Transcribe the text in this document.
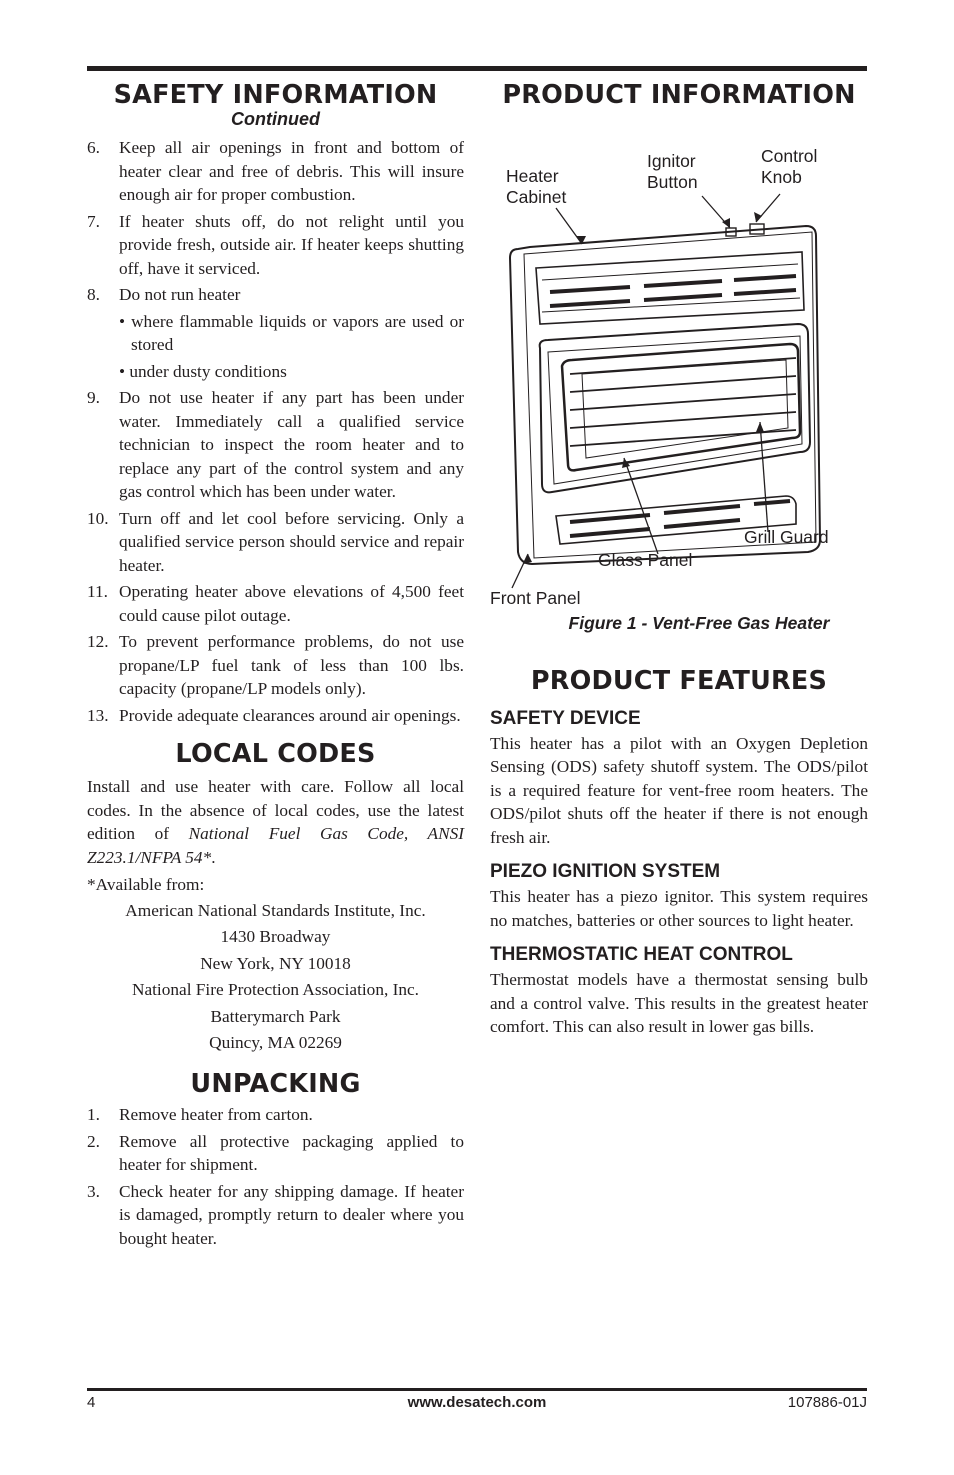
SAFETY INFORMATION
Continued
6. Keep all air openings in front and bottom of heater clear and free of debris. This will insure enough air for proper combustion.
7. If heater shuts off, do not relight until you provide fresh, outside air. If heater keeps shutting off, have it serviced.
8. Do not run heater
• where flammable liquids or vapors are used or stored
• under dusty conditions
9. Do not use heater if any part has been under water. Immediately call a qualified service technician to inspect the room heater and to replace any part of the control system and any gas control which has been under water.
10. Turn off and let cool before servicing. Only a qualified service person should service and repair heater.
11. Operating heater above elevations of 4,500 feet could cause pilot outage.
12. To prevent performance problems, do not use propane/LP fuel tank of less than 100 lbs. capacity (propane/LP models only).
13. Provide adequate clearances around air openings.
LOCAL CODES

Install and use heater with care. Follow all local codes. In the absence of local codes, use the latest edition of National Fuel Gas Code, ANSI Z223.1/NFPA 54*.

*Available from:

American National Standards Institute, Inc.
1430 Broadway
New York, NY 10018
National Fire Protection Association, Inc.
Batterymarch Park
Quincy, MA 02269
UNPACKING
1. Remove heater from carton.
2. Remove all protective packaging applied to heater for shipment.
3. Check heater for any shipping damage. If heater is damaged, promptly return to dealer where you bought heater.
PRODUCT INFORMATION
Heater
Cabinet
Ignitor
Button
Control
Knob
Grill Guard
Glass Panel
Front Panel

Figure 1 - Vent-Free Gas Heater

PRODUCT FEATURES
SAFETY DEVICE

This heater has a pilot with an Oxygen Depletion Sensing (ODS) safety shutoff system. The ODS/pilot is a required feature for vent-free room heaters. The ODS/pilot shuts off the heater if there is not enough fresh air.

PIEZO IGNITION SYSTEM

This heater has a piezo ignitor. This system requires no matches, batteries or other sources to light heater.

THERMOSTATIC HEAT CONTROL

Thermostat models have a thermostat sensing bulb and a control valve. This results in the greatest heater comfort. This can also result in lower gas bills.

4	www.desatech.com	107886-01J
